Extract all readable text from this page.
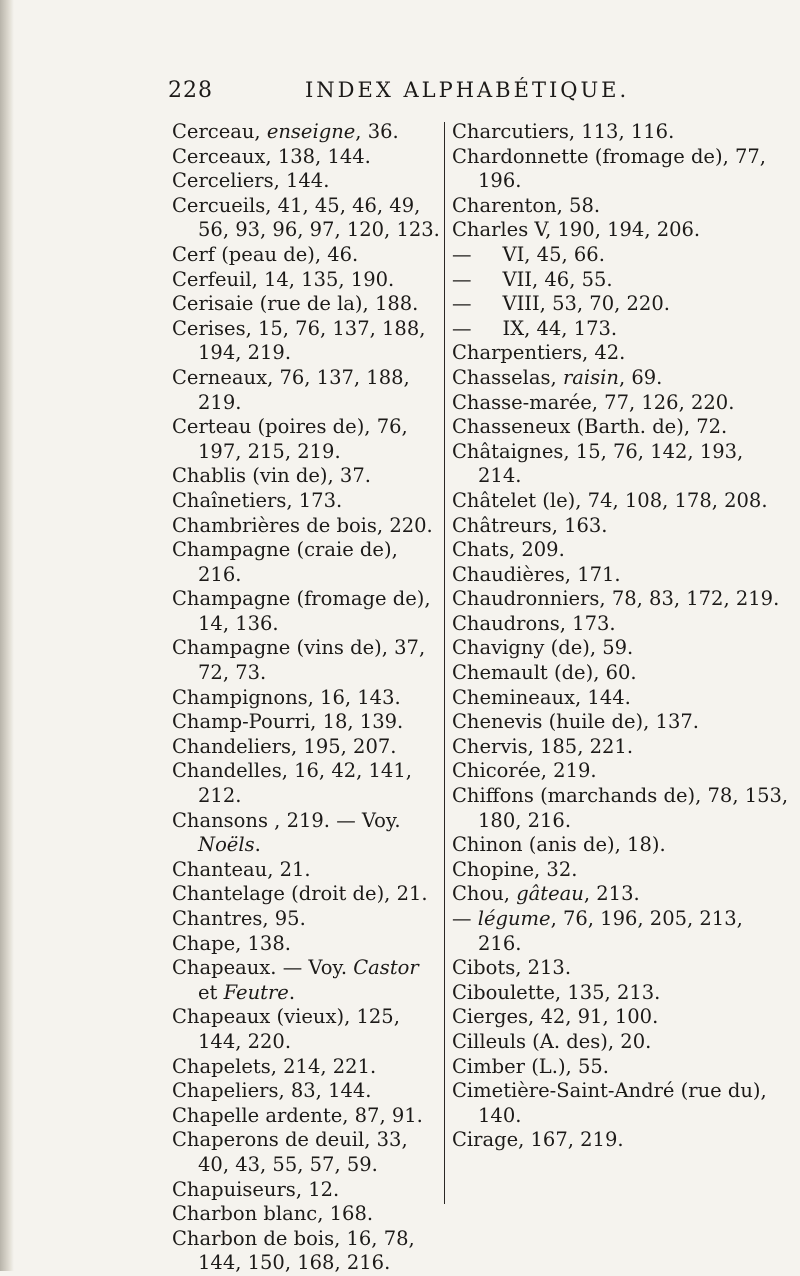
228	INDEX ALPHABÉTIQUE.
Cerceau, enseigne, 36.
Cerceaux, 138, 144.
Cerceliers, 144.
Cercueils, 41, 45, 46, 49, 56, 93, 96, 97, 120, 123.
Cerf (peau de), 46.
Cerfeuil, 14, 135, 190.
Cerisaie (rue de la), 188.
Cerises, 15, 76, 137, 188, 194, 219.
Cerneaux, 76, 137, 188, 219.
Certeau (poires de), 76, 197, 215, 219.
Chablis (vin de), 37.
Chaînetiers, 173.
Chambrières de bois, 220.
Champagne (craie de), 216.
Champagne (fromage de), 14, 136.
Champagne (vins de), 37, 72, 73.
Champignons, 16, 143.
Champ-Pourri, 18, 139.
Chandeliers, 195, 207.
Chandelles, 16, 42, 141, 212.
Chansons , 219. — Voy. Noëls.
Chanteau, 21.
Chantelage (droit de), 21.
Chantres, 95.
Chape, 138.
Chapeaux. — Voy. Castor et Feutre.
Chapeaux (vieux), 125, 144, 220.
Chapelets, 214, 221.
Chapeliers, 83, 144.
Chapelle ardente, 87, 91.
Chaperons de deuil, 33, 40, 43, 55, 57, 59.
Chapuiseurs, 12.
Charbon blanc, 168.
Charbon de bois, 16, 78, 144, 150, 168, 216.
Charcutiers, 113, 116.
Chardonnette (fromage de), 77, 196.
Charenton, 58.
Charles V, 190, 194, 206.
—     VI, 45, 66.
—     VII, 46, 55.
—     VIII, 53, 70, 220.
—     IX, 44, 173.
Charpentiers, 42.
Chasselas, raisin, 69.
Chasse-marée, 77, 126, 220.
Chasseneux (Barth. de), 72.
Châtaignes, 15, 76, 142, 193, 214.
Châtelet (le), 74, 108, 178, 208.
Châtreurs, 163.
Chats, 209.
Chaudières, 171.
Chaudronniers, 78, 83, 172, 219.
Chaudrons, 173.
Chavigny (de), 59.
Chemault (de), 60.
Chemineaux, 144.
Chenevis (huile de), 137.
Chervis, 185, 221.
Chicorée, 219.
Chiffons (marchands de), 78, 153, 180, 216.
Chinon (anis de), 18).
Chopine, 32.
Chou, gâteau, 213.
— légume, 76, 196, 205, 213, 216.
Cibots, 213.
Ciboulette, 135, 213.
Cierges, 42, 91, 100.
Cilleuls (A. des), 20.
Cimber (L.), 55.
Cimetière-Saint-André (rue du), 140.
Cirage, 167, 219.
